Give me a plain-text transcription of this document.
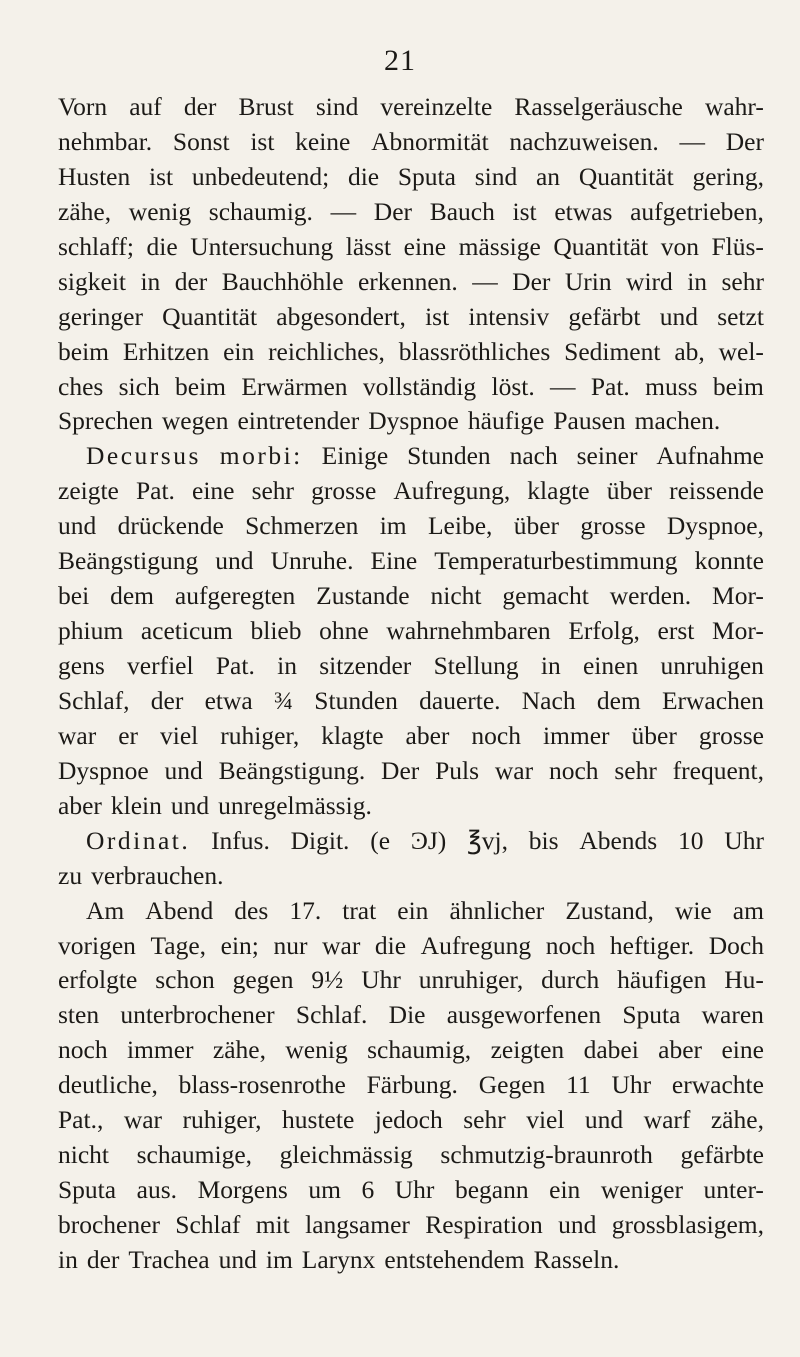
21
Vorn auf der Brust sind vereinzelte Rasselgeräusche wahr-
nehmbar. Sonst ist keine Abnormität nachzuweisen. — Der
Husten ist unbedeutend; die Sputa sind an Quantität gering,
zähe, wenig schaumig. — Der Bauch ist etwas aufgetrieben,
schlaff; die Untersuchung lässt eine mässige Quantität von Flüs-
sigkeit in der Bauchhöhle erkennen. — Der Urin wird in sehr
geringer Quantität abgesondert, ist intensiv gefärbt und setzt
beim Erhitzen ein reichliches, blassröthliches Sediment ab, wel-
ches sich beim Erwärmen vollständig löst. — Pat. muss beim
Sprechen wegen eintretender Dyspnoe häufige Pausen machen.
Decursus morbi: Einige Stunden nach seiner Aufnahme
zeigte Pat. eine sehr grosse Aufregung, klagte über reissende
und drückende Schmerzen im Leibe, über grosse Dyspnoe,
Beängstigung und Unruhe. Eine Temperaturbestimmung konnte
bei dem aufgeregten Zustande nicht gemacht werden. Mor-
phium aceticum blieb ohne wahrnehmbaren Erfolg, erst Mor-
gens verfiel Pat. in sitzender Stellung in einen unruhigen
Schlaf, der etwa ¾ Stunden dauerte. Nach dem Erwachen
war er viel ruhiger, klagte aber noch immer über grosse
Dyspnoe und Beängstigung. Der Puls war noch sehr frequent,
aber klein und unregelmässig.
Ordinat. Infus. Digit. (e ϿJ) ℥vj, bis Abends 10 Uhr
zu verbrauchen.
Am Abend des 17. trat ein ähnlicher Zustand, wie am
vorigen Tage, ein; nur war die Aufregung noch heftiger. Doch
erfolgte schon gegen 9½ Uhr unruhiger, durch häufigen Hu-
sten unterbrochener Schlaf. Die ausgeworfenen Sputa waren
noch immer zähe, wenig schaumig, zeigten dabei aber eine
deutliche, blass-rosenrothe Färbung. Gegen 11 Uhr erwachte
Pat., war ruhiger, hustete jedoch sehr viel und warf zähe,
nicht schaumige, gleichmässig schmutzig-braunroth gefärbte
Sputa aus. Morgens um 6 Uhr begann ein weniger unter-
brochener Schlaf mit langsamer Respiration und grossblasigem,
in der Trachea und im Larynx entstehendem Rasseln.
